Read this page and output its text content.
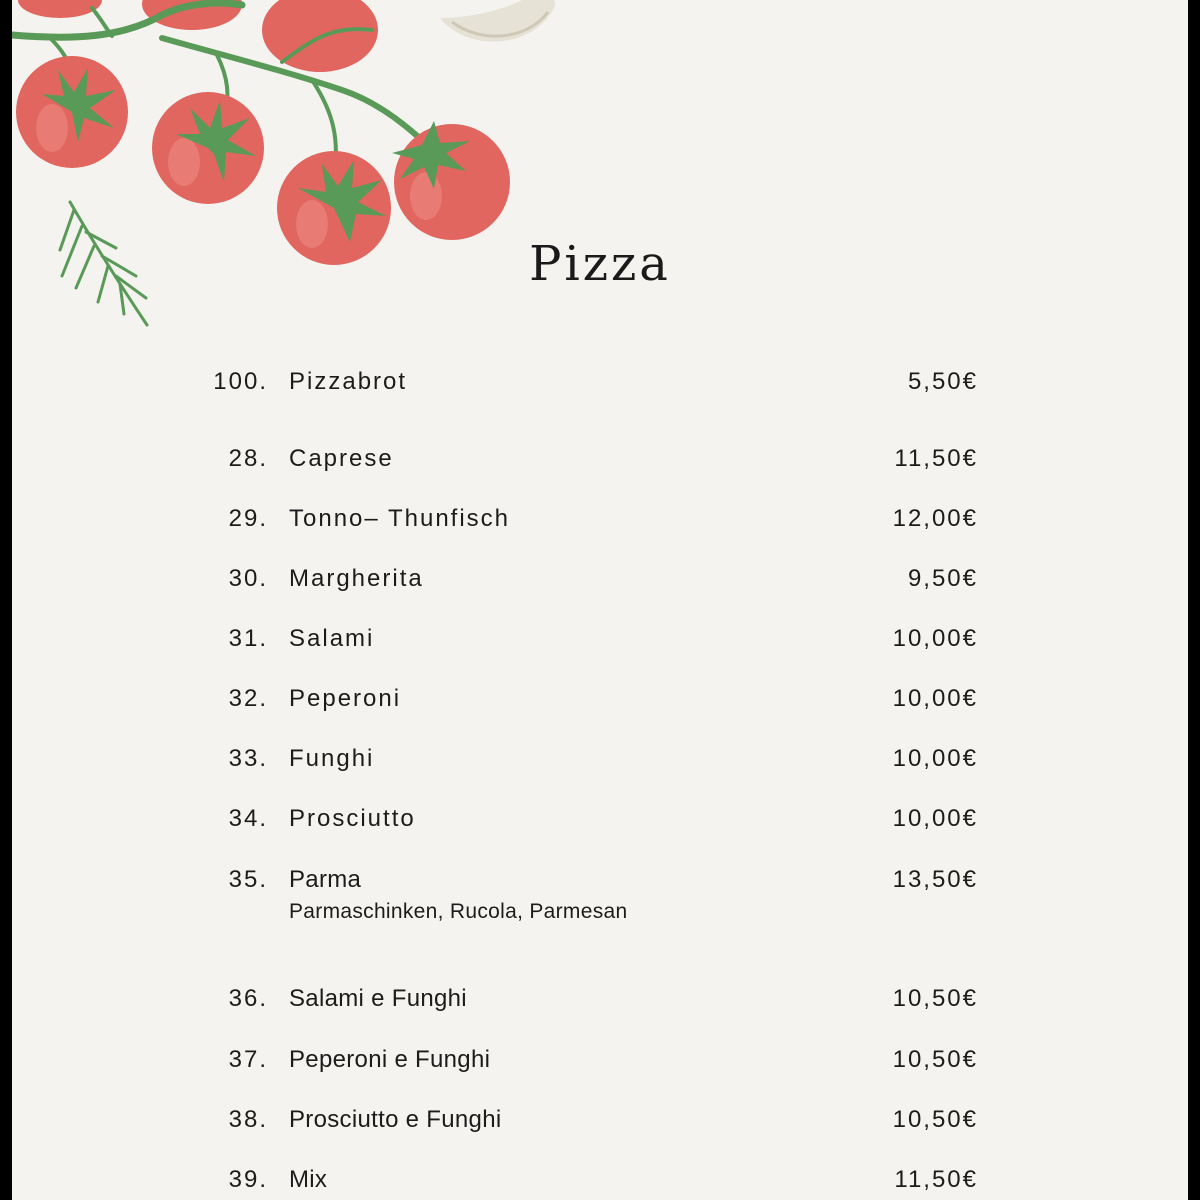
Pizza
100. Pizzabrot	5,50€
28. Caprese	11,50€
29. Tonno– Thunfisch	12,00€
30. Margherita	9,50€
31. Salami	10,00€
32. Peperoni	10,00€
33. Funghi	10,00€
34. Prosciutto	10,00€
35. Parma	13,50€
Parmaschinken, Rucola, Parmesan
36. Salami e Funghi	10,50€
37. Peperoni e Funghi	10,50€
38. Prosciutto e Funghi	10,50€
39. Mix	11,50€
